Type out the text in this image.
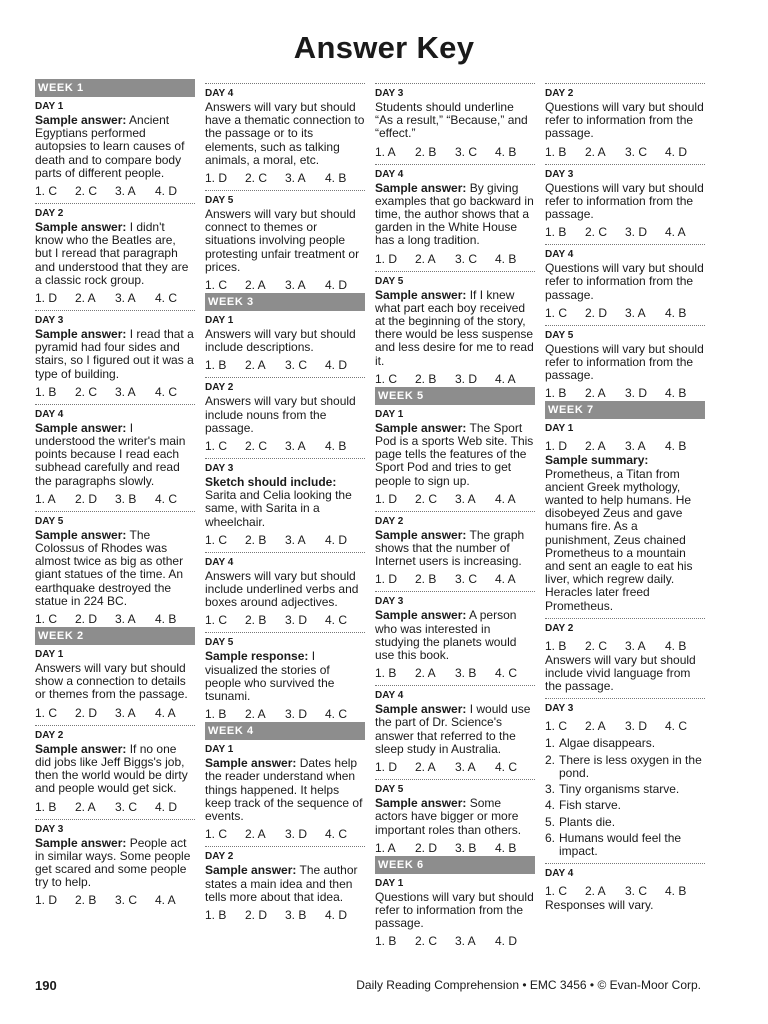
Answer Key
WEEK 1
DAY 1
Sample answer: Ancient Egyptians performed autopsies to learn causes of death and to compare body parts of different people.
1. C	2. C	3. A	4. D
DAY 2
Sample answer: I didn't know who the Beatles are, but I reread that paragraph and understood that they are a classic rock group.
1. D	2. A	3. A	4. C
DAY 3
Sample answer: I read that a pyramid had four sides and stairs, so I figured out it was a type of building.
1. B	2. C	3. A	4. C
DAY 4
Sample answer: I understood the writer's main points because I read each subhead carefully and read the paragraphs slowly.
1. A	2. D	3. B	4. C
DAY 5
Sample answer: The Colossus of Rhodes was almost twice as big as other giant statues of the time. An earthquake destroyed the statue in 224 BC.
1. C	2. D	3. A	4. B
WEEK 2
DAY 1
Answers will vary but should show a connection to details or themes from the passage.
1. C	2. D	3. A	4. A
DAY 2
Sample answer: If no one did jobs like Jeff Biggs's job, then the world would be dirty and people would get sick.
1. B	2. A	3. C	4. D
DAY 3
Sample answer: People act in similar ways. Some people get scared and some people try to help.
1. D	2. B	3. C	4. A
DAY 4
Answers will vary but should have a thematic connection to the passage or to its elements, such as talking animals, a moral, etc.
1. D	2. C	3. A	4. B
DAY 5
Answers will vary but should connect to themes or situations involving people protesting unfair treatment or prices.
1. C	2. A	3. A	4. D
WEEK 3
DAY 1
Answers will vary but should include descriptions.
1. B	2. A	3. C	4. D
DAY 2
Answers will vary but should include nouns from the passage.
1. C	2. C	3. A	4. B
DAY 3
Sketch should include: Sarita and Celia looking the same, with Sarita in a wheelchair.
1. C	2. B	3. A	4. D
DAY 4
Answers will vary but should include underlined verbs and boxes around adjectives.
1. C	2. B	3. D	4. C
DAY 5
Sample response: I visualized the stories of people who survived the tsunami.
1. B	2. A	3. D	4. C
WEEK 4
DAY 1
Sample answer: Dates help the reader understand when things happened. It helps keep track of the sequence of events.
1. C	2. A	3. D	4. C
DAY 2
Sample answer: The author states a main idea and then tells more about that idea.
1. B	2. D	3. B	4. D
DAY 3
Students should underline “As a result,” “Because,” and “effect.”
1. A	2. B	3. C	4. B
DAY 4
Sample answer: By giving examples that go backward in time, the author shows that a garden in the White House has a long tradition.
1. D	2. A	3. C	4. B
DAY 5
Sample answer: If I knew what part each boy received at the beginning of the story, there would be less suspense and less desire for me to read it.
1. C	2. B	3. D	4. A
WEEK 5
DAY 1
Sample answer: The Sport Pod is a sports Web site. This page tells the features of the Sport Pod and tries to get people to sign up.
1. D	2. C	3. A	4. A
DAY 2
Sample answer: The graph shows that the number of Internet users is increasing.
1. D	2. B	3. C	4. A
DAY 3
Sample answer: A person who was interested in studying the planets would use this book.
1. B	2. A	3. B	4. C
DAY 4
Sample answer: I would use the part of Dr. Science's answer that referred to the sleep study in Australia.
1. D	2. A	3. A	4. C
DAY 5
Sample answer: Some actors have bigger or more important roles than others.
1. A	2. D	3. B	4. B
WEEK 6
DAY 1
Questions will vary but should refer to information from the passage.
1. B	2. C	3. A	4. D
DAY 2
Questions will vary but should refer to information from the passage.
1. B	2. A	3. C	4. D
DAY 3
Questions will vary but should refer to information from the passage.
1. B	2. C	3. D	4. A
DAY 4
Questions will vary but should refer to information from the passage.
1. C	2. D	3. A	4. B
DAY 5
Questions will vary but should refer to information from the passage.
1. B	2. A	3. D	4. B
WEEK 7
DAY 1
1. D	2. A	3. A	4. B
Sample summary: Prometheus, a Titan from ancient Greek mythology, wanted to help humans. He disobeyed Zeus and gave humans fire. As a punishment, Zeus chained Prometheus to a mountain and sent an eagle to eat his liver, which regrew daily. Heracles later freed Prometheus.
DAY 2
1. B	2. C	3. A	4. B
Answers will vary but should include vivid language from the passage.
DAY 3
1. C	2. A	3. D	4. C
1. Algae disappears.
2. There is less oxygen in the pond.
3. Tiny organisms starve.
4. Fish starve.
5. Plants die.
6. Humans would feel the impact.
DAY 4
1. C	2. A	3. C	4. B
Responses will vary.
190	Daily Reading Comprehension • EMC 3456 • © Evan-Moor Corp.
